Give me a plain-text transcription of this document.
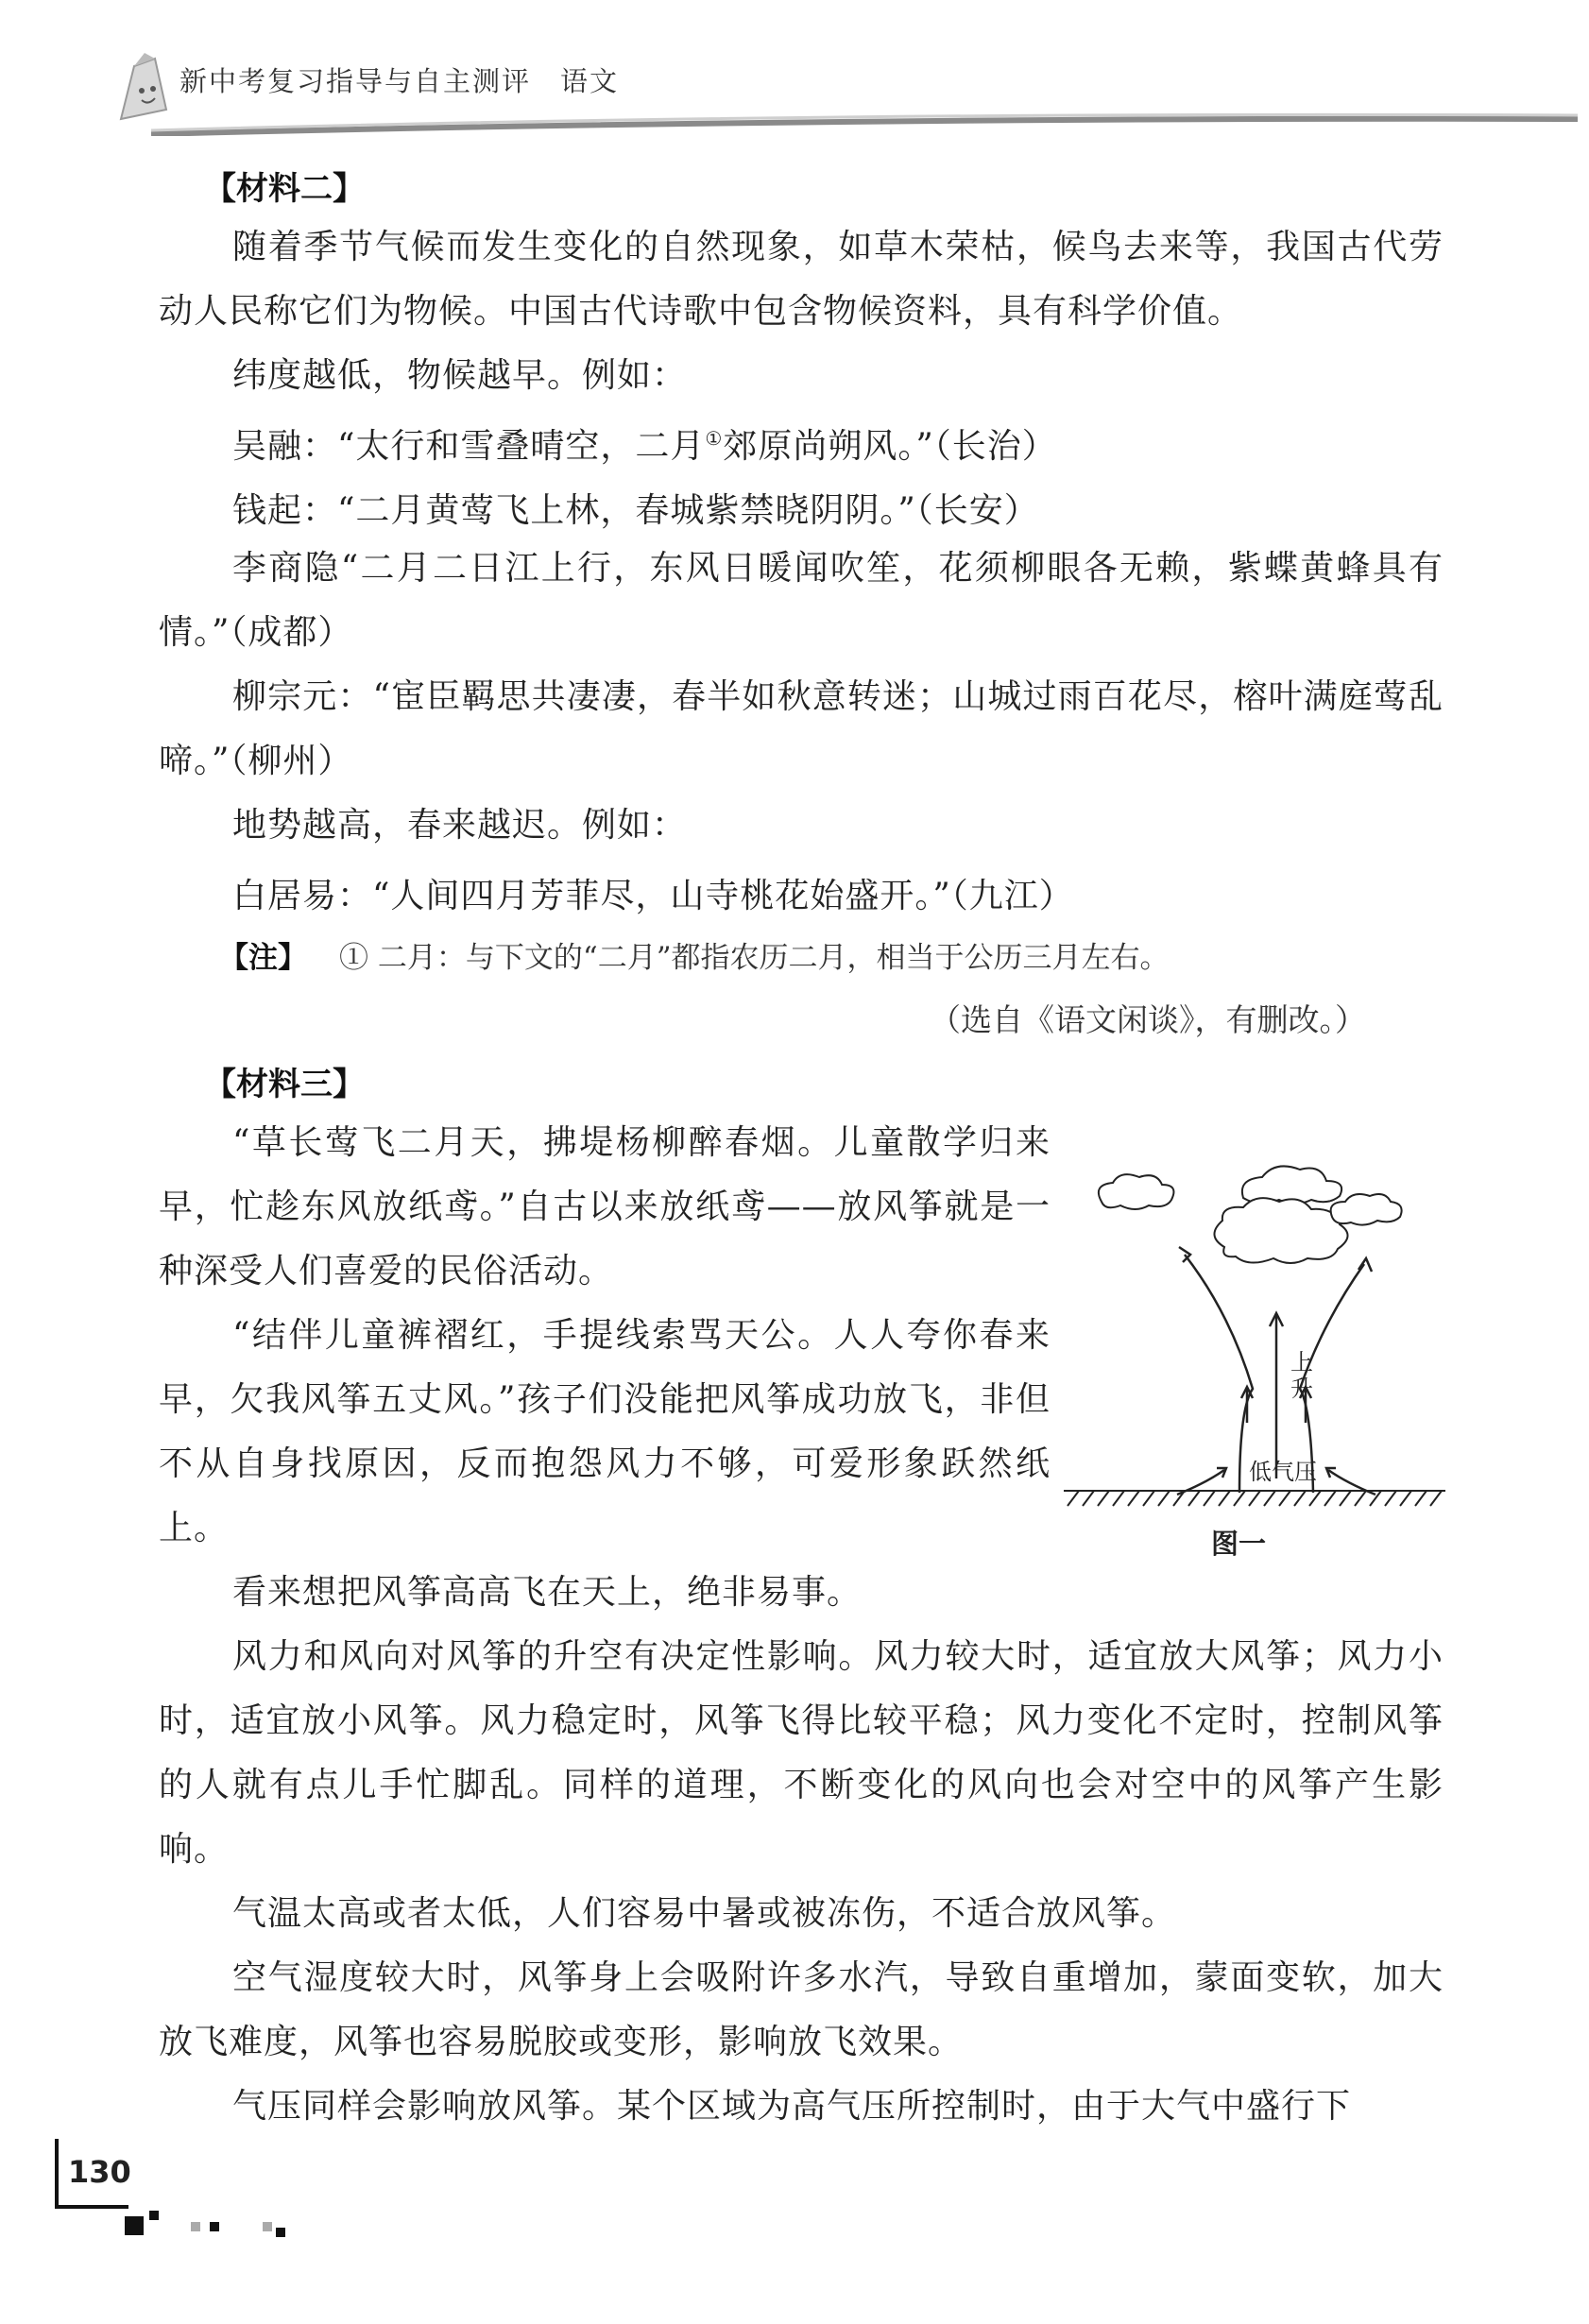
新中考复习指导与自主测评　语文
【材料二】
随着季节气候而发生变化的自然现象，如草木荣枯，候鸟去来等，我国古代劳动人民称它们为物候。中国古代诗歌中包含物候资料，具有科学价值。
纬度越低，物候越早。例如：
吴融：“太行和雪叠晴空，二月①郊原尚朔风。”（长治）
钱起：“二月黄莺飞上林，春城紫禁晓阴阴。”（长安）
李商隐“二月二日江上行，东风日暖闻吹笙，花须柳眼各无赖，紫蝶黄蜂具有情。”（成都）
柳宗元：“宦臣羁思共凄凄，春半如秋意转迷；山城过雨百花尽，榕叶满庭莺乱啼。”（柳州）
地势越高，春来越迟。例如：
白居易：“人间四月芳菲尽，山寺桃花始盛开。”（九江）
【注】 ① 二月：与下文的“二月”都指农历二月，相当于公历三月左右。
（选自《语文闲谈》，有删改。）
【材料三】
“草长莺飞二月天，拂堤杨柳醉春烟。儿童散学归来早，忙趁东风放纸鸢。”自古以来放纸鸢——放风筝就是一种深受人们喜爱的民俗活动。
“结伴儿童裤褶红，手提线索骂天公。人人夸你春来早，欠我风筝五丈风。”孩子们没能把风筝成功放飞，非但不从自身找原因，反而抱怨风力不够，可爱形象跃然纸上。
上
升
低气压
图一
看来想把风筝高高飞在天上，绝非易事。
风力和风向对风筝的升空有决定性影响。风力较大时，适宜放大风筝；风力小时，适宜放小风筝。风力稳定时，风筝飞得比较平稳；风力变化不定时，控制风筝的人就有点儿手忙脚乱。同样的道理，不断变化的风向也会对空中的风筝产生影响。
气温太高或者太低，人们容易中暑或被冻伤，不适合放风筝。
空气湿度较大时，风筝身上会吸附许多水汽，导致自重增加，蒙面变软，加大放飞难度，风筝也容易脱胶或变形，影响放飞效果。
气压同样会影响放风筝。某个区域为高气压所控制时，由于大气中盛行下
130
